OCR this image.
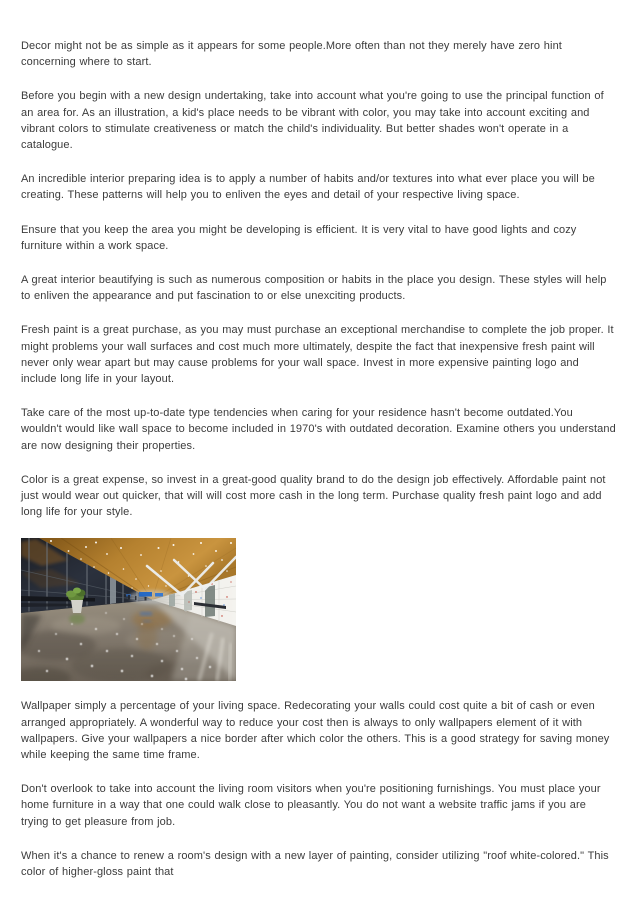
Decor might not be as simple as it appears for some people.More often than not they merely have zero hint concerning where to start.

Before you begin with a new design undertaking, take into account what you're going to use the principal function of an area for. As an illustration, a kid's place needs to be vibrant with color, you may take into account exciting and vibrant colors to stimulate creativeness or match the child's individuality. But better shades won't operate in a catalogue.

An incredible interior preparing idea is to apply a number of habits and/or textures into what ever place you will be creating. These patterns will help you to enliven the eyes and detail of your respective living space.

Ensure that you keep the area you might be developing is efficient. It is very vital to have good lights and cozy furniture within a work space.

A great interior beautifying is such as numerous composition or habits in the place you design. These styles will help to enliven the appearance and put fascination to or else unexciting products.

Fresh paint is a great purchase, as you may must purchase an exceptional merchandise to complete the job proper. It might problems your wall surfaces and cost much more ultimately, despite the fact that inexpensive fresh paint will never only wear apart but may cause problems for your wall space. Invest in more expensive painting logo and include long life in your layout.

Take care of the most up-to-date type tendencies when caring for your residence hasn't become outdated.You wouldn't would like wall space to become included in 1970's with outdated decoration. Examine others you understand are now designing their properties.

Color is a great expense, so invest in a great-good quality brand to do the design job effectively. Affordable paint not just would wear out quicker, that will will cost more cash in the long term. Purchase quality fresh paint logo and add long life for your style.

Wallpaper simply a percentage of your living space. Redecorating your walls could cost quite a bit of cash or even arranged appropriately. A wonderful way to reduce your cost then is always to only wallpapers element of it with wallpapers. Give your wallpapers a nice border after which color the others. This is a good strategy for saving money while keeping the same time frame.

Don't overlook to take into account the living room visitors when you're positioning furnishings. You must place your home furniture in a way that one could walk close to pleasantly. You do not want a website traffic jams if you are trying to get pleasure from job.

When it's a chance to renew a room's design with a new layer of painting, consider utilizing "roof white-colored." This color of higher-gloss paint that
